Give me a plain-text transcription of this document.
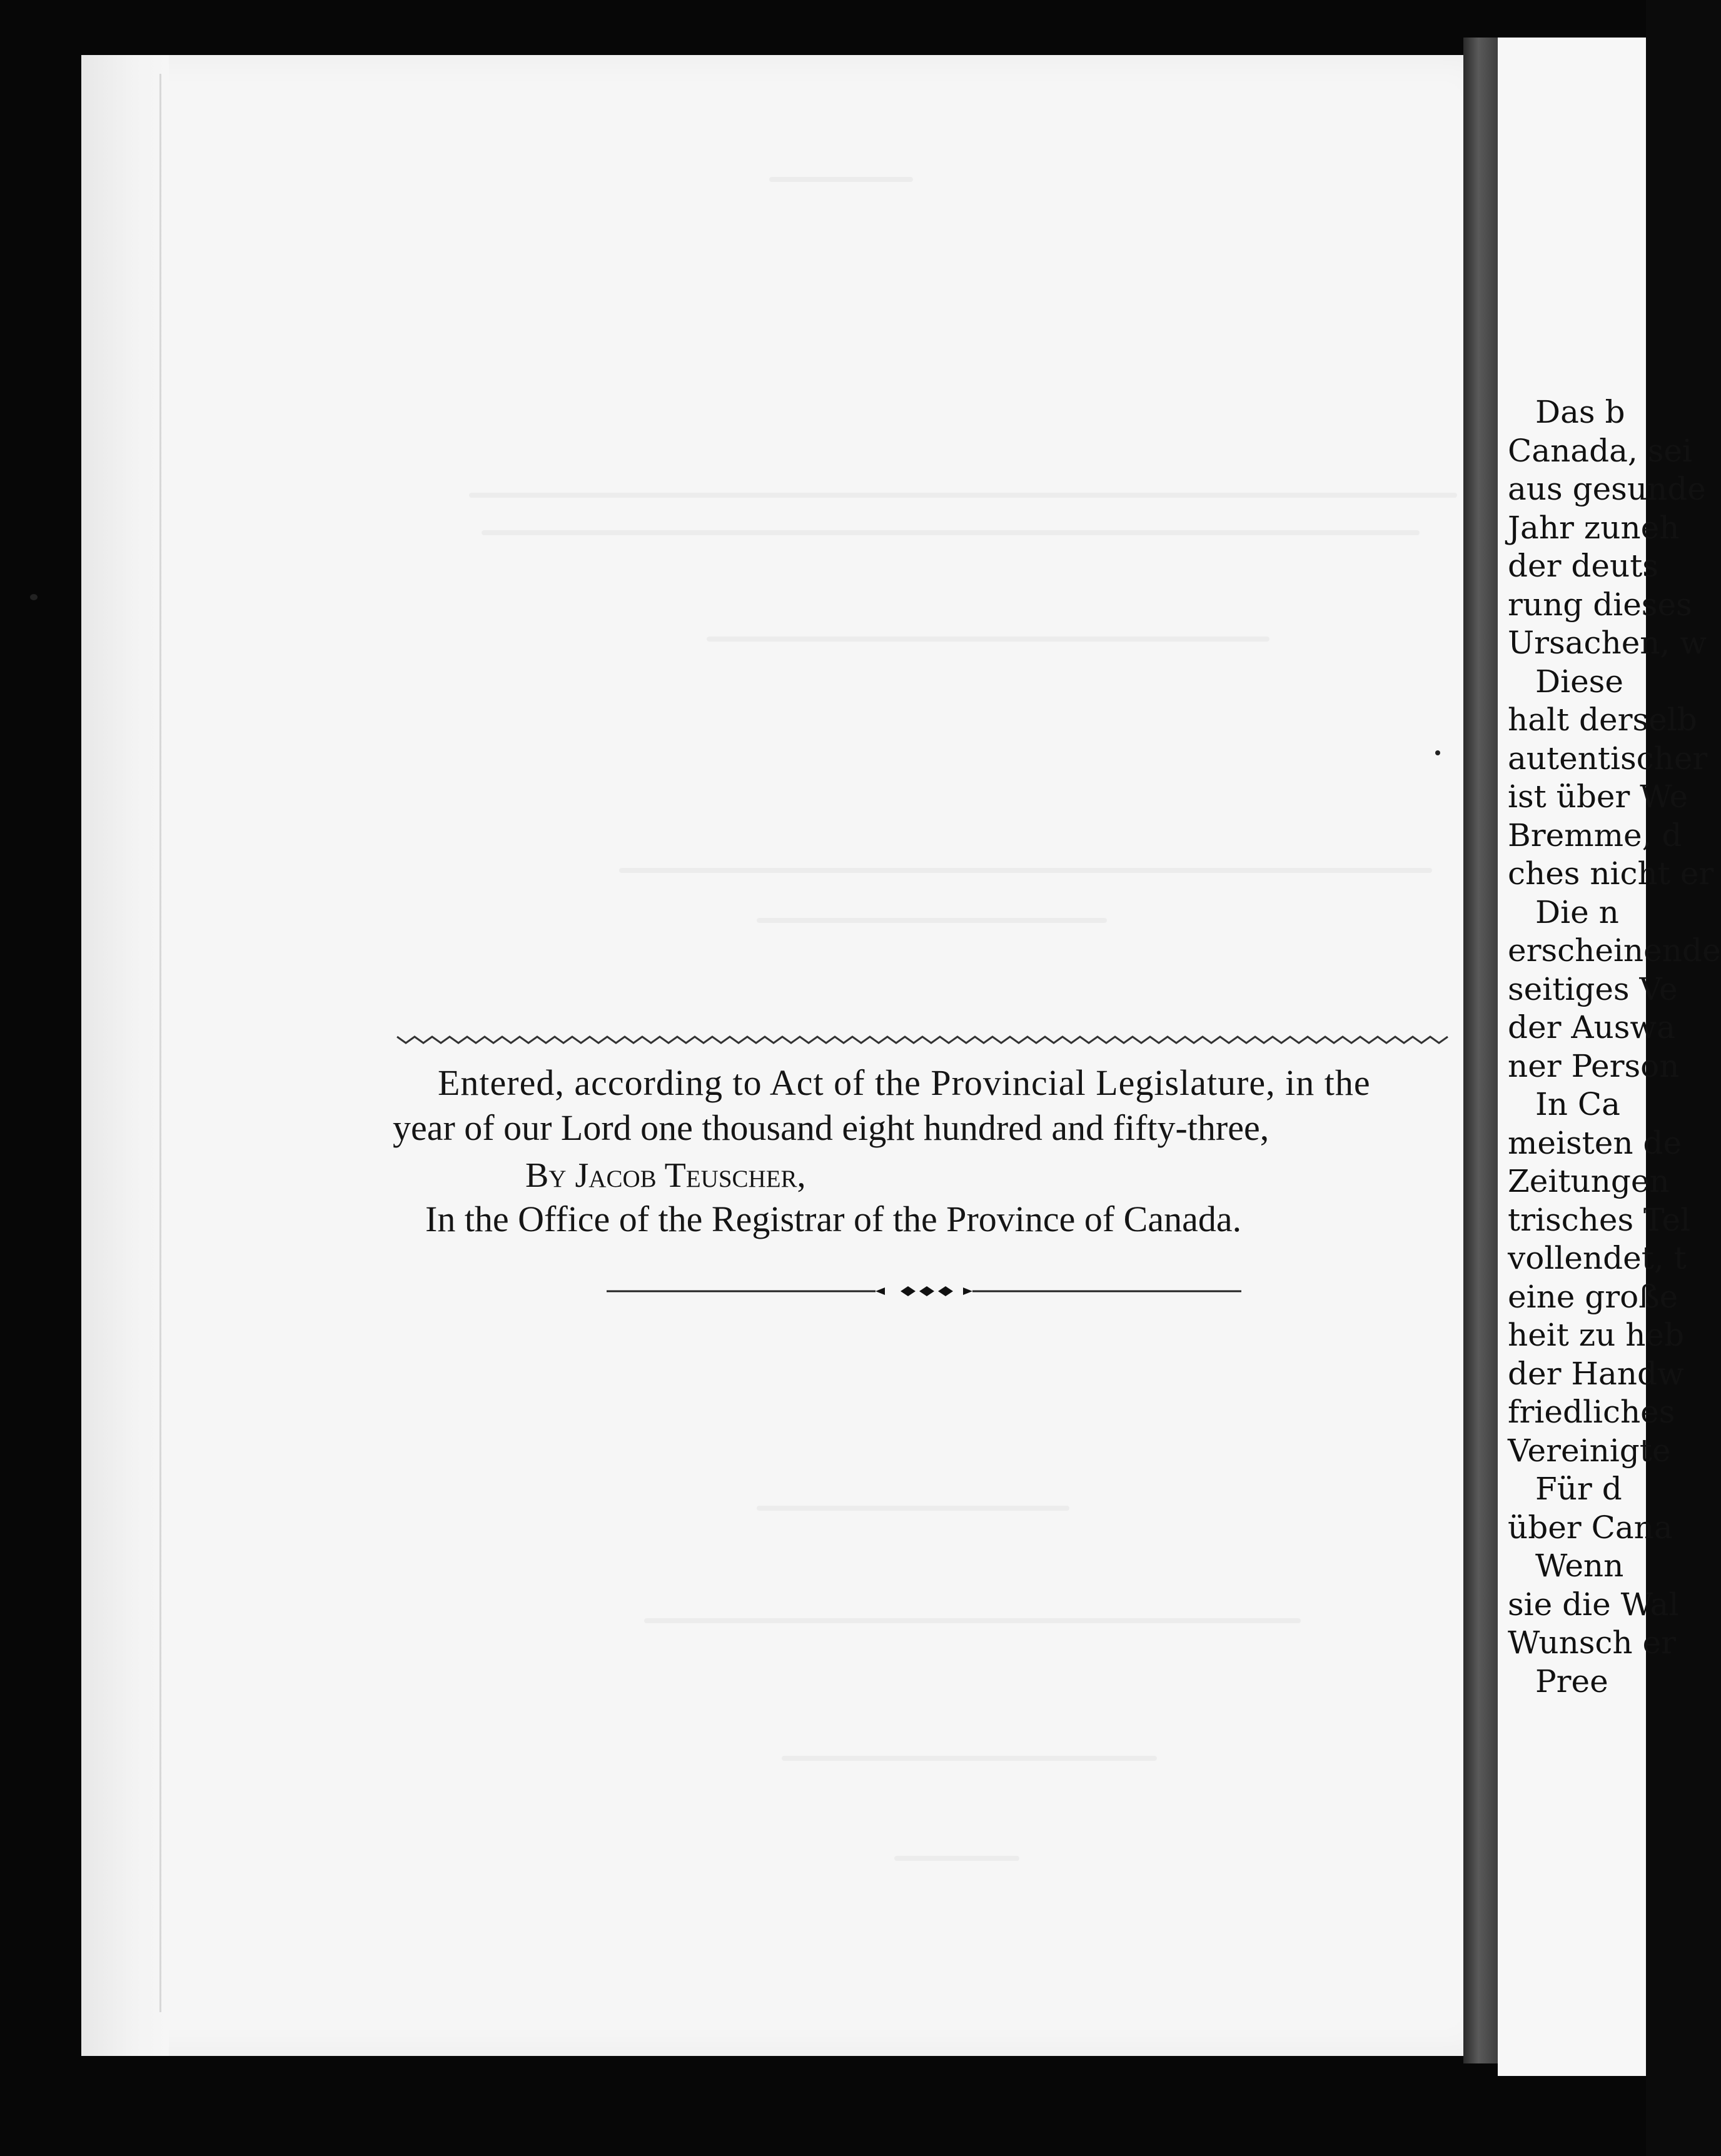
Das b
Canada, sei
aus gesunde
Jahr zuneh
der deuts
rung dieses
Ursachen, w
Diese
halt derselb
autentischer
ist über We
Bremme, d
ches nicht er
Die n
erscheinende
seitiges Ve
der Auswa
ner Person
In Ca
meisten de
Zeitungen
trisches Tel
vollendet, t
eine große
heit zu heb
der Handw
friedliches
Vereinigte
Für d
über Cana
Wenn
sie die Wal
Wunsch er
Pree
Entered, according to Act of the Provincial Legislature, in the
year of our Lord one thousand eight hundred and fifty-three,
By Jacob Teuscher,
In the Office of the Registrar of the Province of Canada.
